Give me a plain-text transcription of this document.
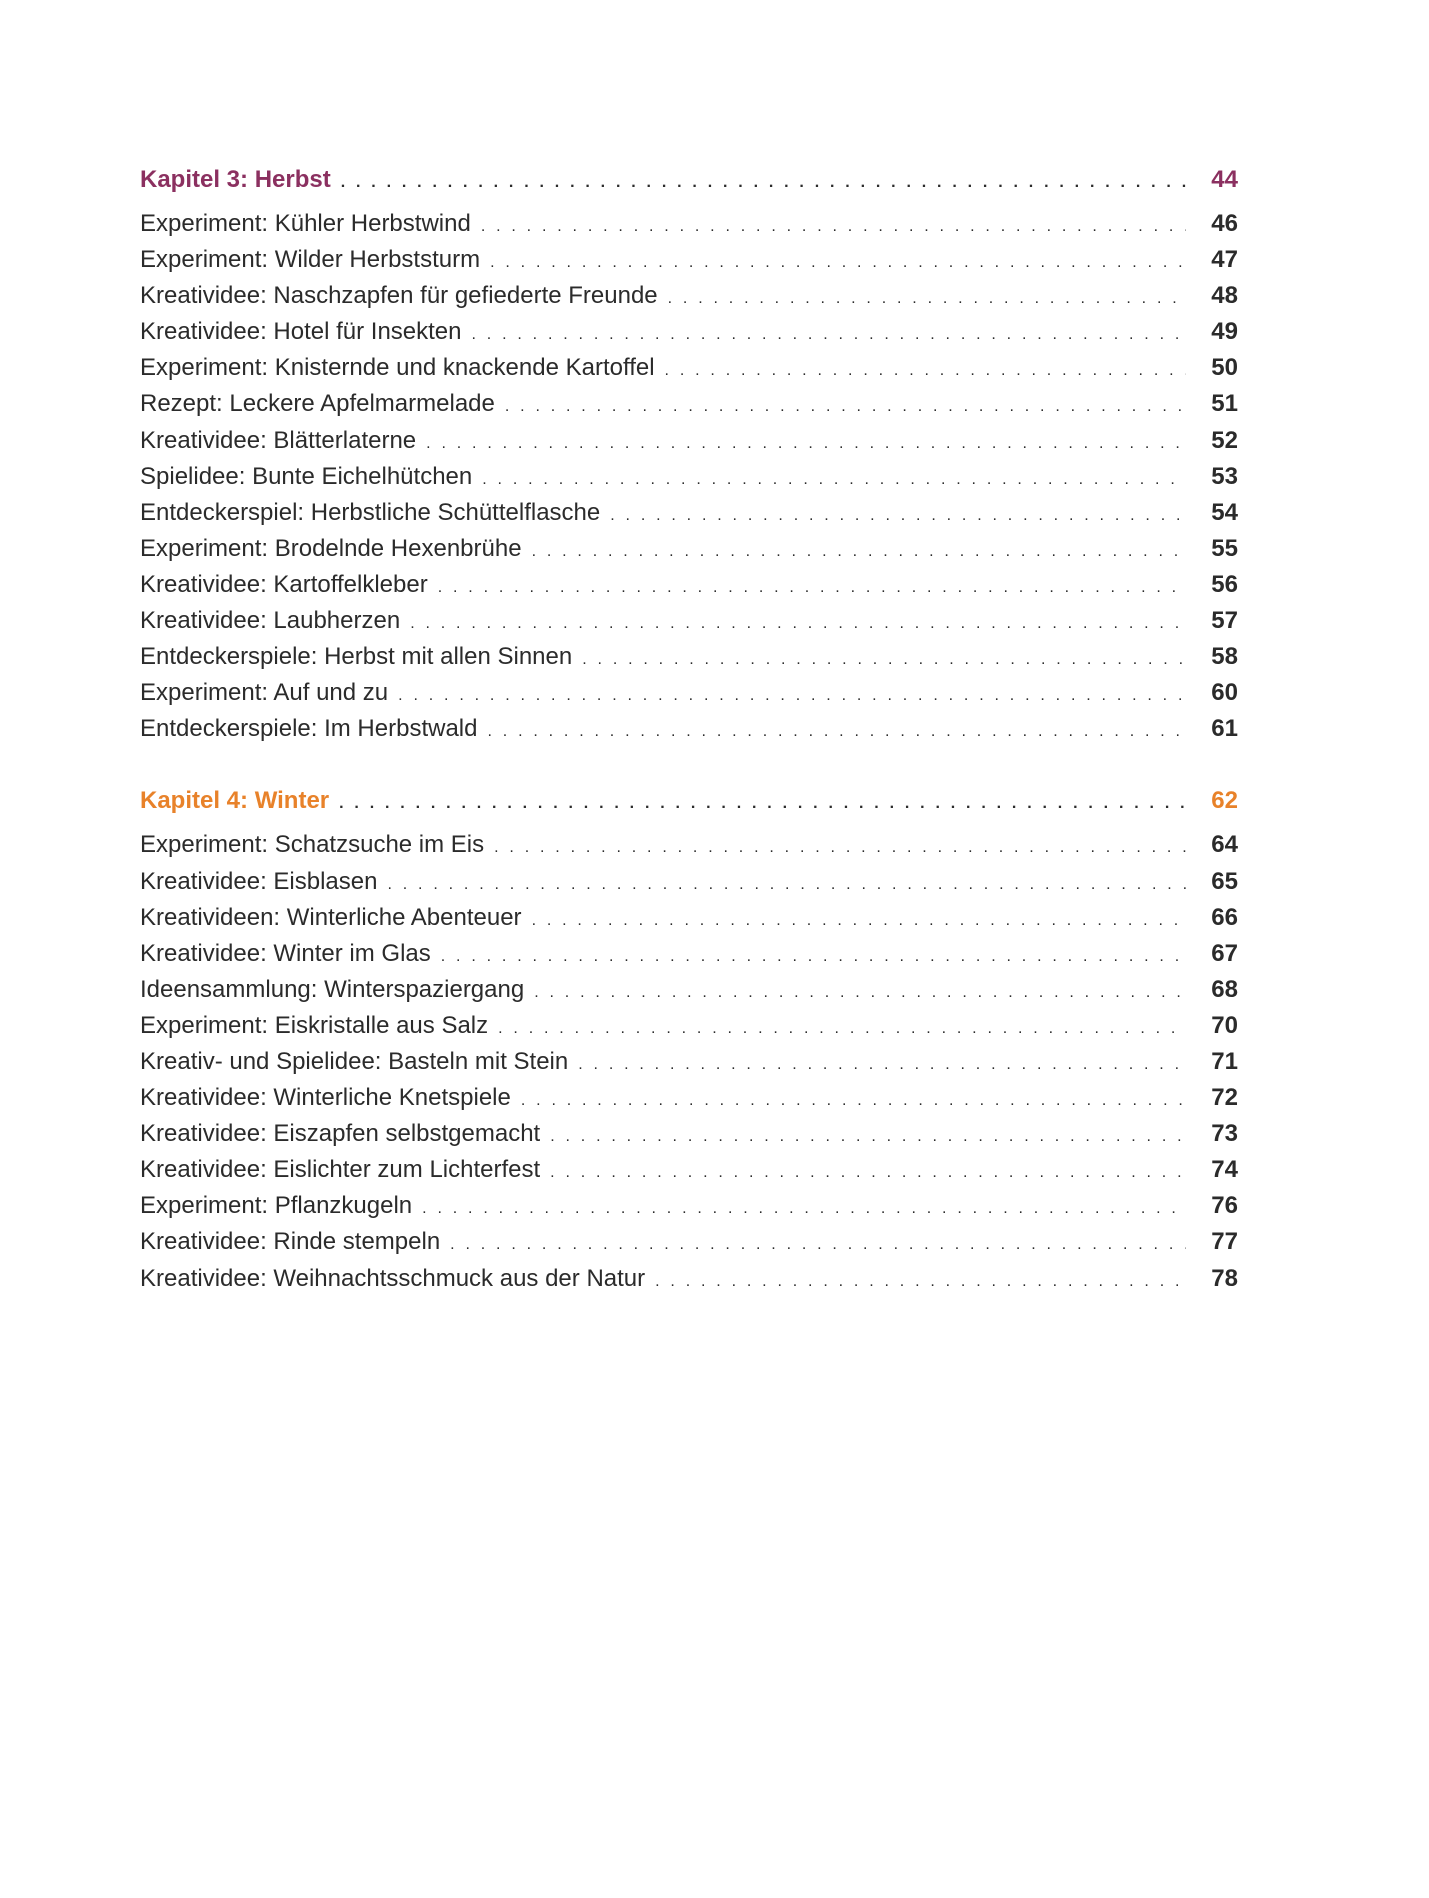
Kapitel 3: Herbst . . .	44
Experiment: Kühler Herbstwind . . .	46
Experiment: Wilder Herbststurm . . .	47
Kreatividee: Naschzapfen für gefiederte Freunde . . .	48
Kreatividee: Hotel für Insekten . . .	49
Experiment: Knisternde und knackende Kartoffel . . .	50
Rezept: Leckere Apfelmarmelade . . .	51
Kreatividee: Blätterlaterne . . .	52
Spielidee: Bunte Eichelhütchen . . .	53
Entdeckerspiel: Herbstliche Schüttelflasche . . .	54
Experiment: Brodelnde Hexenbrühe . . .	55
Kreatividee: Kartoffelkleber . . .	56
Kreatividee: Laubherzen . . .	57
Entdeckerspiele: Herbst mit allen Sinnen . . .	58
Experiment: Auf und zu . . .	60
Entdeckerspiele: Im Herbstwald . . .	61
Kapitel 4: Winter . . .	62
Experiment: Schatzsuche im Eis . . .	64
Kreatividee: Eisblasen . . .	65
Kreativideen: Winterliche Abenteuer . . .	66
Kreatividee: Winter im Glas . . .	67
Ideensammlung: Winterspaziergang . . .	68
Experiment: Eiskristalle aus Salz . . .	70
Kreativ- und Spielidee: Basteln mit Stein . . .	71
Kreatividee: Winterliche Knetspiele . . .	72
Kreatividee: Eiszapfen selbstgemacht . . .	73
Kreatividee: Eislichter zum Lichterfest . . .	74
Experiment: Pflanzkugeln . . .	76
Kreatividee: Rinde stempeln . . .	77
Kreatividee: Weihnachtsschmuck aus der Natur . . .	78
